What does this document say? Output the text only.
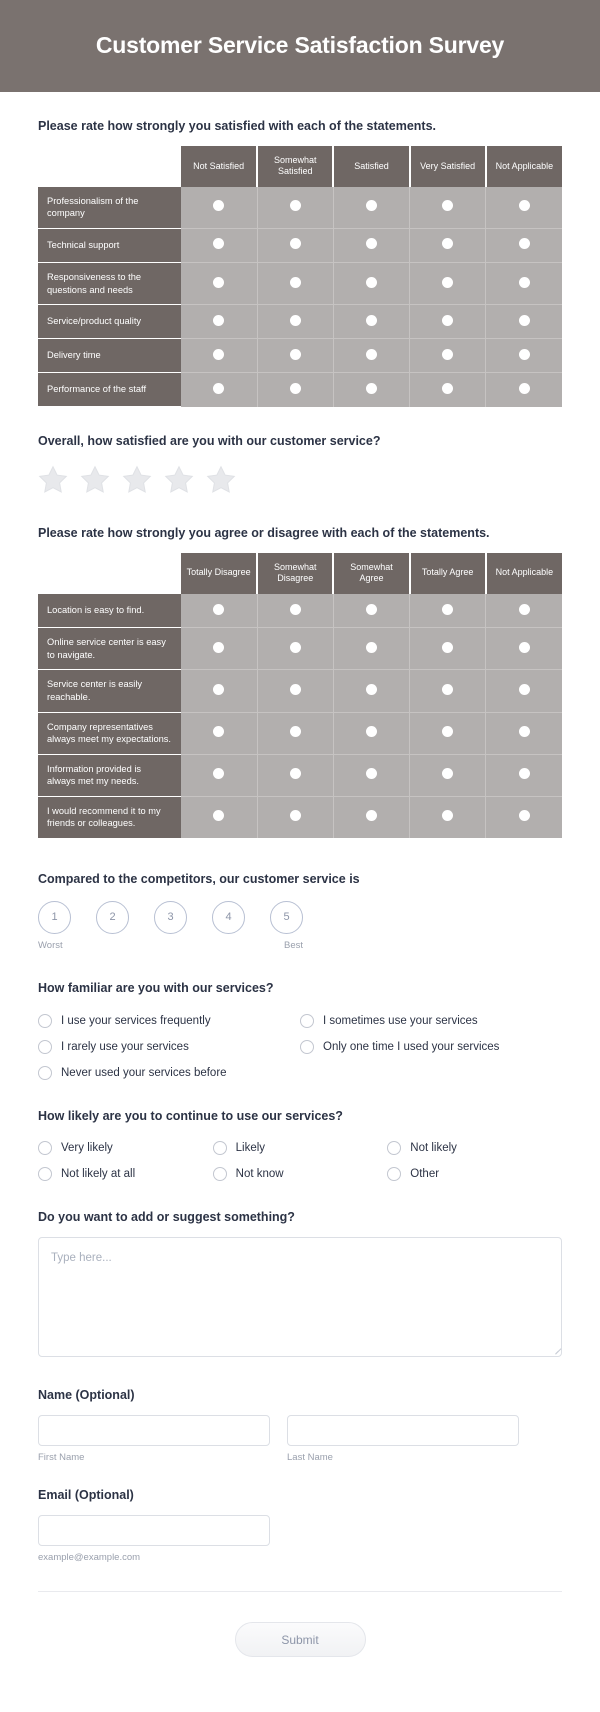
Customer Service Satisfaction Survey
Please rate how strongly you satisfied with each of the statements.
	Not Satisfied	Somewhat Satisfied	Satisfied	Very Satisfied	Not Applicable
Professionalism of the company					
Technical support					
Responsiveness to the questions and needs					
Service/product quality					
Delivery time					
Performance of the staff					
Overall, how satisfied are you with our customer service?
Please rate how strongly you agree or disagree with each of the statements.
	Totally Disagree	Somewhat Disagree	Somewhat Agree	Totally Agree	Not Applicable
Location is easy to find.					
Online service center is easy to navigate.					
Service center is easily reachable.					
Company representatives always meet my expectations.					
Information provided is always met my needs.					
I would recommend it to my friends or colleagues.					
Compared to the competitors, our customer service is
1
Worst
2	3	4	5
Best
How familiar are you with our services?
I use your services frequently	I sometimes use your services
I rarely use your services	Only one time I used your services
Never used your services before
How likely are you to continue to use our services?
Very likely	Likely	Not likely
Not likely at all	Not know	Other
Do you want to add or suggest something?
Type here...
Name (Optional)
First Name	Last Name
Email (Optional)
example@example.com
Submit
